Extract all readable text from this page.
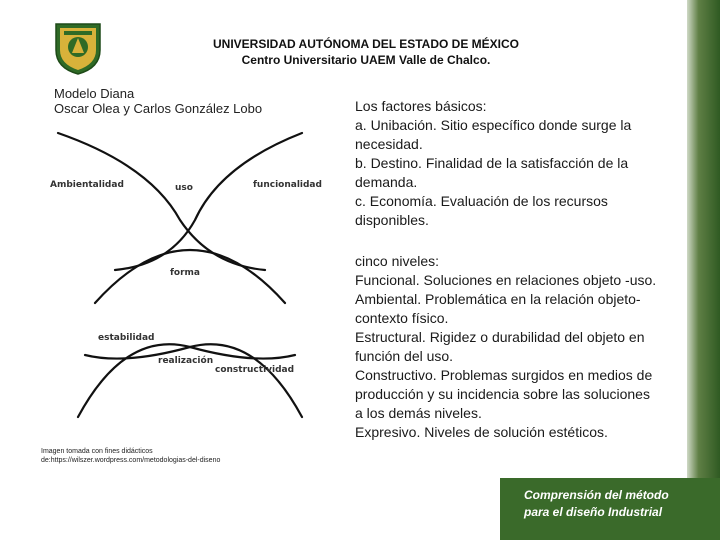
UNIVERSIDAD AUTÓNOMA DEL ESTADO DE MÉXICO
Centro Universitario UAEM Valle de Chalco.
Modelo Diana
Oscar Olea y Carlos González Lobo
Ambientalidad	uso	funcionalidad
forma
estabilidad
realización
constructividad
Imagen tomada con fines didácticos de:https://wilszer.wordpress.com/metodologias-del-diseno
Los factores básicos:
a. Unibación. Sitio específico donde surge la necesidad.
b. Destino. Finalidad de la satisfacción de la demanda.
c. Economía. Evaluación de los recursos disponibles.
cinco niveles:
Funcional. Soluciones en relaciones objeto -uso.
Ambiental. Problemática en la relación objeto-contexto físico.
Estructural. Rigidez o durabilidad del objeto en función del uso.
Constructivo. Problemas surgidos en medios de producción y su incidencia sobre las soluciones a los demás niveles.
Expresivo. Niveles de solución estéticos.
Comprensión del método
para el diseño Industrial
